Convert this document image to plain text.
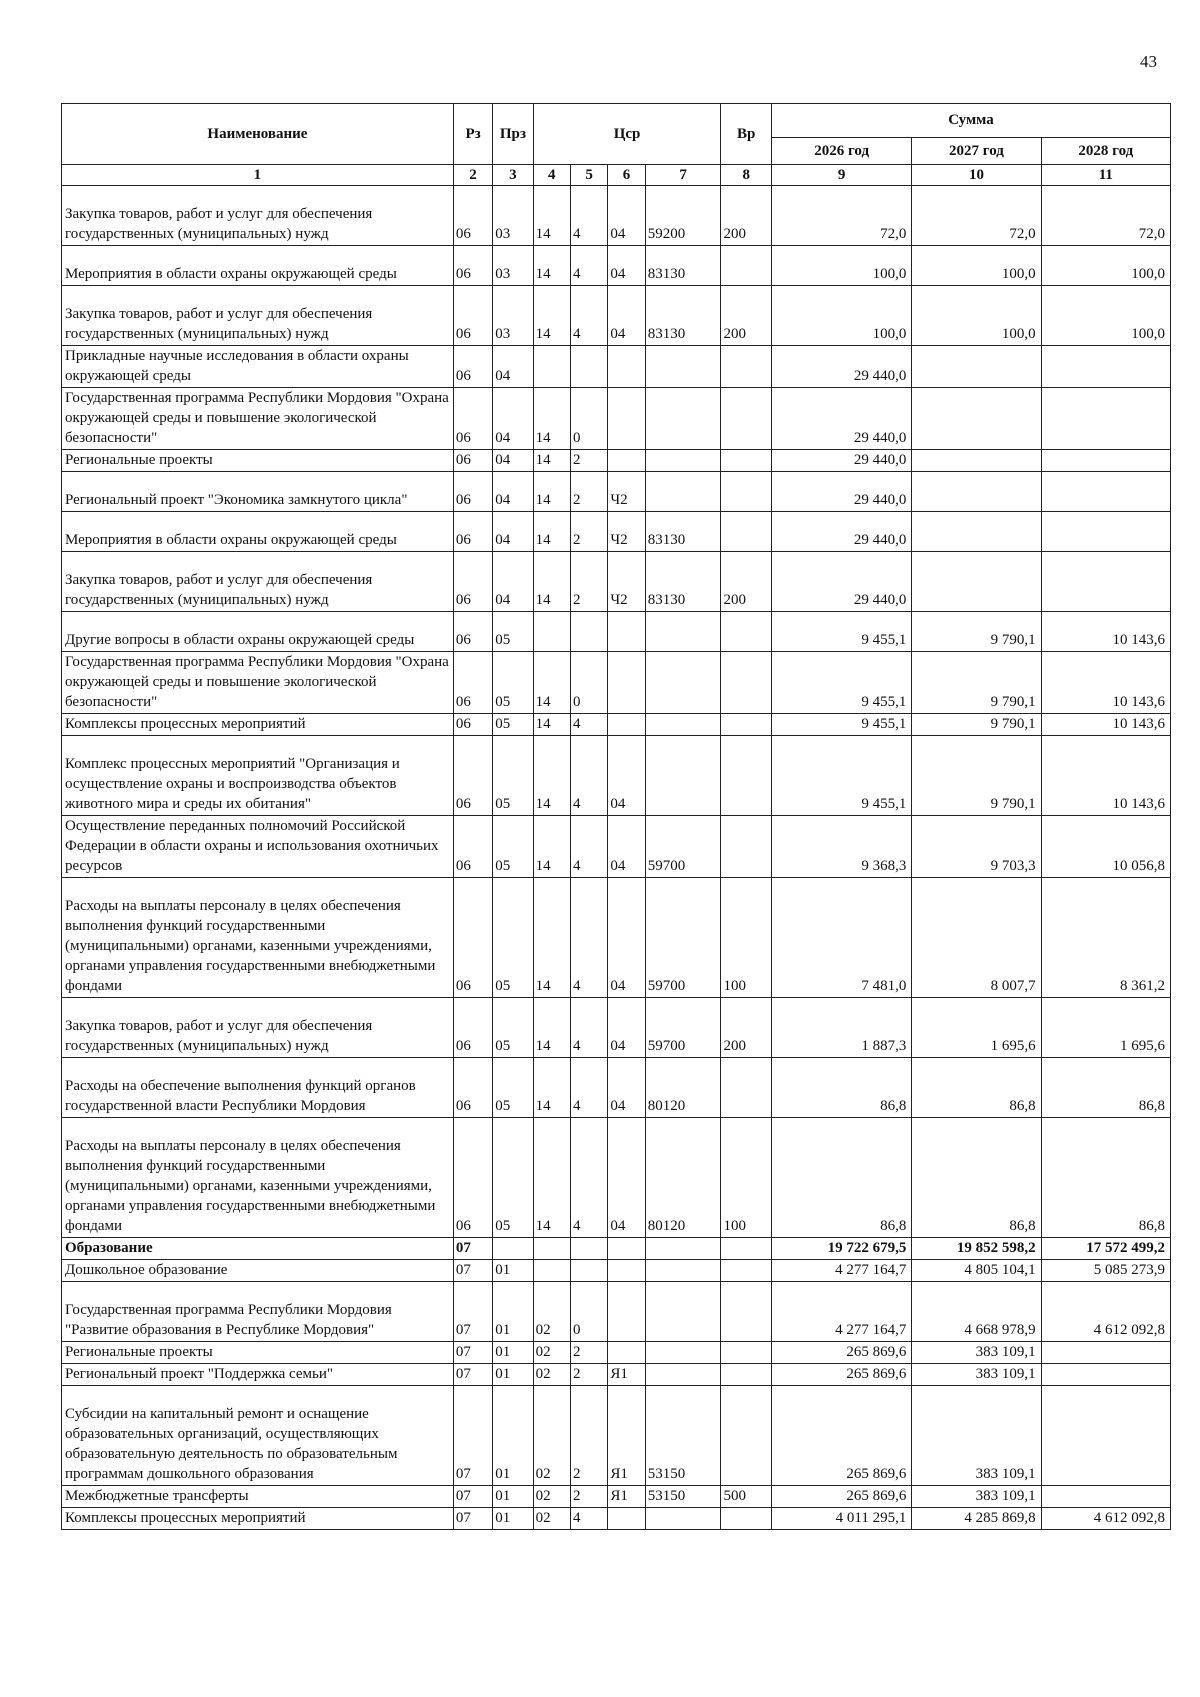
43
Наименование	Рз	Прз	Цср				Вр	Сумма		
								2026 год	2027 год	2028 год
1	2	3	4	5	6	7	8	9	10	11
Закупка товаров, работ и услуг для обеспечения государственных (муниципальных) нужд	06	03	14	4	04	59200	200	72,0	72,0	72,0
Мероприятия в области охраны окружающей среды	06	03	14	4	04	83130		100,0	100,0	100,0
Закупка товаров, работ и услуг для обеспечения государственных (муниципальных) нужд	06	03	14	4	04	83130	200	100,0	100,0	100,0
Прикладные научные исследования в области охраны окружающей среды	06	04						29 440,0		
Государственная программа Республики Мордовия "Охрана окружающей среды и повышение экологической безопасности"	06	04	14	0				29 440,0		
Региональные проекты	06	04	14	2				29 440,0		
Региональный проект "Экономика замкнутого цикла"	06	04	14	2	Ч2			29 440,0		
Мероприятия в области охраны окружающей среды	06	04	14	2	Ч2	83130		29 440,0		
Закупка товаров, работ и услуг для обеспечения государственных (муниципальных) нужд	06	04	14	2	Ч2	83130	200	29 440,0		
Другие вопросы в области охраны окружающей среды	06	05						9 455,1	9 790,1	10 143,6
Государственная программа Республики Мордовия "Охрана окружающей среды и повышение экологической безопасности"	06	05	14	0				9 455,1	9 790,1	10 143,6
Комплексы процессных мероприятий	06	05	14	4				9 455,1	9 790,1	10 143,6
Комплекс процессных мероприятий "Организация и осуществление охраны и воспроизводства объектов животного мира и среды их обитания"	06	05	14	4	04			9 455,1	9 790,1	10 143,6
Осуществление переданных полномочий Российской Федерации в области охраны и использования охотничьих ресурсов	06	05	14	4	04	59700		9 368,3	9 703,3	10 056,8
Расходы на выплаты персоналу в целях обеспечения выполнения функций государственными (муниципальными) органами, казенными учреждениями, органами управления государственными внебюджетными фондами	06	05	14	4	04	59700	100	7 481,0	8 007,7	8 361,2
Закупка товаров, работ и услуг для обеспечения государственных (муниципальных) нужд	06	05	14	4	04	59700	200	1 887,3	1 695,6	1 695,6
Расходы на обеспечение выполнения функций органов государственной власти Республики Мордовия	06	05	14	4	04	80120		86,8	86,8	86,8
Расходы на выплаты персоналу в целях обеспечения выполнения функций государственными (муниципальными) органами, казенными учреждениями, органами управления государственными внебюджетными фондами	06	05	14	4	04	80120	100	86,8	86,8	86,8
Образование	07							19 722 679,5	19 852 598,2	17 572 499,2
Дошкольное образование	07	01						4 277 164,7	4 805 104,1	5 085 273,9
Государственная программа Республики Мордовия "Развитие образования в Республике Мордовия"	07	01	02	0				4 277 164,7	4 668 978,9	4 612 092,8
Региональные проекты	07	01	02	2				265 869,6	383 109,1	
Региональный проект "Поддержка семьи"	07	01	02	2	Я1			265 869,6	383 109,1	
Субсидии на капитальный ремонт и оснащение образовательных организаций, осуществляющих образовательную деятельность по образовательным программам дошкольного образования	07	01	02	2	Я1	53150		265 869,6	383 109,1	
Межбюджетные трансферты	07	01	02	2	Я1	53150	500	265 869,6	383 109,1	
Комплексы процессных мероприятий	07	01	02	4				4 011 295,1	4 285 869,8	4 612 092,8
